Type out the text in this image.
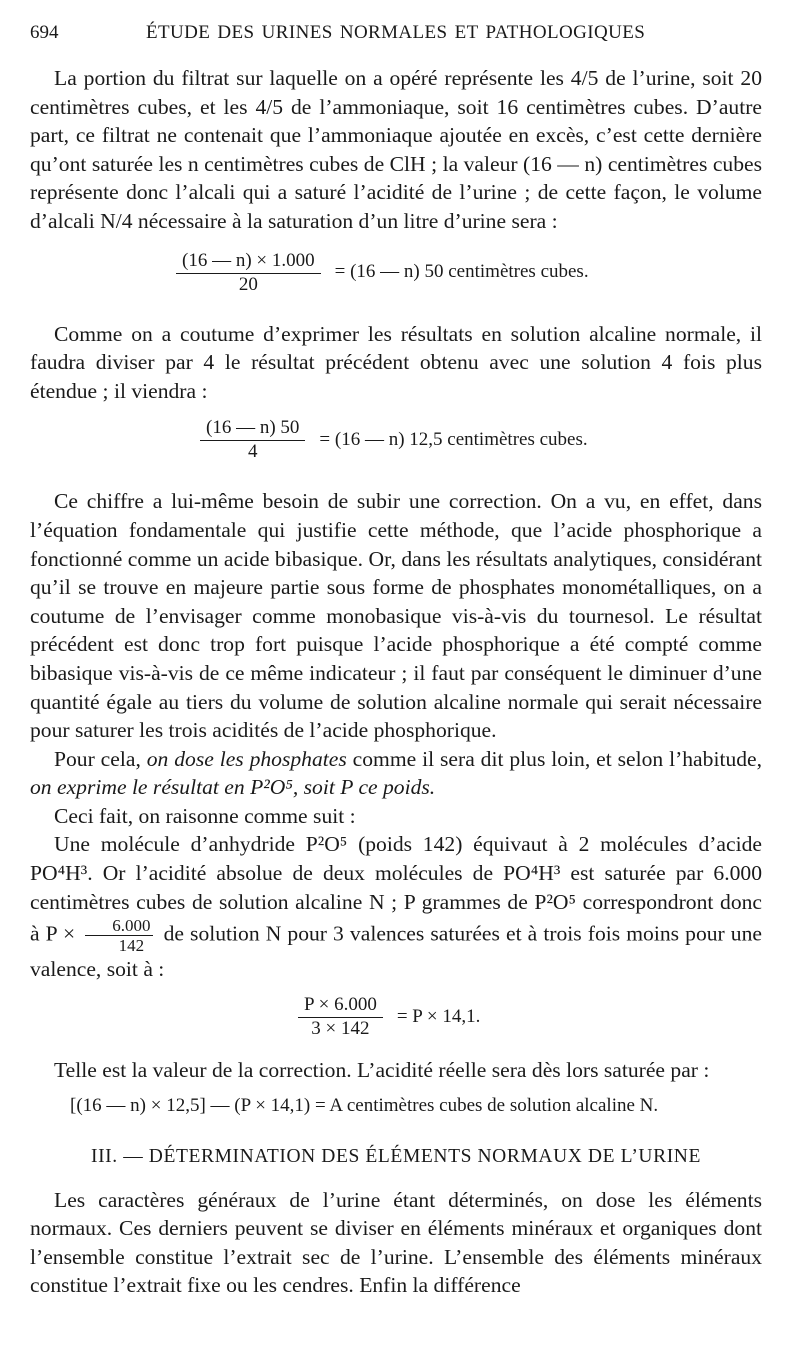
694	ÉTUDE DES URINES NORMALES ET PATHOLOGIQUES

La portion du filtrat sur laquelle on a opéré représente les 4/5 de l’urine, soit 20 centimètres cubes, et les 4/5 de l’ammoniaque, soit 16 centimètres cubes. D’autre part, ce filtrat ne contenait que l’ammoniaque ajoutée en excès, c’est cette dernière qu’ont saturée les n centimètres cubes de ClH ; la valeur (16 — n) centimètres cubes représente donc l’alcali qui a saturé l’acidité de l’urine ; de cette façon, le volume d’alcali N/4 nécessaire à la saturation d’un litre d’urine sera :

$\frac{(16 — n) \times 1.000}{20} = (16$ — n) 50 centimètres cubes.

Comme on a coutume d’exprimer les résultats en solution alcaline normale, il faudra diviser par 4 le résultat précédent obtenu avec une solution 4 fois plus étendue ; il viendra :

$\frac{(16 — n) 50}{4} = (16$ — n) 12,5 centimètres cubes.

Ce chiffre a lui-même besoin de subir une correction. On a vu, en effet, dans l’équation fondamentale qui justifie cette méthode, que l’acide phosphorique a fonctionné comme un acide bibasique. Or, dans les résultats analytiques, considérant qu’il se trouve en majeure partie sous forme de phosphates monométalliques, on a coutume de l’envisager comme monobasique vis-à-vis du tournesol. Le résultat précédent est donc trop fort puisque l’acide phosphorique a été compté comme bibasique vis-à-vis de ce même indicateur ; il faut par conséquent le diminuer d’une quantité égale au tiers du volume de solution alcaline normale qui serait nécessaire pour saturer les trois acidités de l’acide phosphorique.

Pour cela, on dose les phosphates comme il sera dit plus loin, et selon l’habitude, on exprime le résultat en P²O⁵, soit P ce poids.

Ceci fait, on raisonne comme suit :

Une molécule d’anhydride P²O⁵ (poids 142) équivaut à 2 molécules d’acide PO⁴H³. Or l’acidité absolue de deux molécules de PO⁴H³ est saturée par 6.000 centimètres cubes de solution alcaline N ; P grammes de P²O⁵ correspondront donc à $P \times \frac{6.000}{142}$ de solution N pour 3 valences saturées et à trois fois moins pour une valence, soit à :

$\frac{P \times 6.000}{3 \times 142} = P \times 14,1$.

Telle est la valeur de la correction. L’acidité réelle sera dès lors saturée par :

[(16 — n) × 12,5] — (P × 14,1) = A centimètres cubes de solution alcaline N.
III. — DÉTERMINATION DES ÉLÉMENTS NORMAUX DE L’URINE

Les caractères généraux de l’urine étant déterminés, on dose les éléments normaux. Ces derniers peuvent se diviser en éléments minéraux et organiques dont l’ensemble constitue l’extrait sec de l’urine. L’ensemble des éléments minéraux constitue l’extrait fixe ou les cendres. Enfin la différence
